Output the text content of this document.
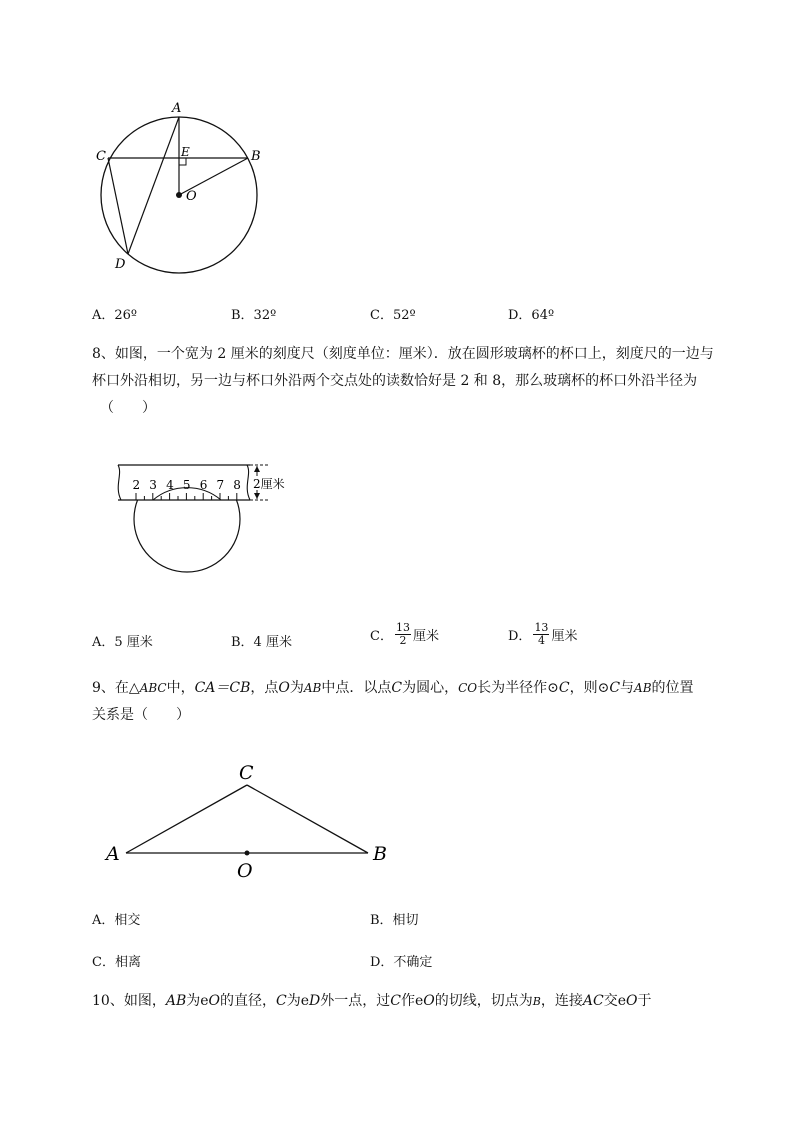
A
C	B
E
O
D
A．26º	B．32º	C．52º	D．64º
8、如图，一个宽为 2 厘米的刻度尺（刻度单位：厘米）．放在圆形玻璃杯的杯口上，刻度尺的一边与
杯口外沿相切，另一边与杯口外沿两个交点处的读数恰好是 2 和 8，那么玻璃杯的杯口外沿半径为
（　　）
2 3 4 5 6 7 8 2厘米
A．5 厘米	B．4 厘米	C． $\frac{13}{2}$ 厘米	D． $\frac{13}{4}$ 厘米
9、在△ABC中，CA＝CB，点O为AB中点．以点C为圆心，CO长为半径作⊙C，则⊙C与AB的位置
关系是（　　）
C
A	B
O
A．相交	B．相切
C．相离	D．不确定
10、如图，AB为eO的直径，C为eD外一点，过C作eO的切线，切点为B，连接AC交eO于
